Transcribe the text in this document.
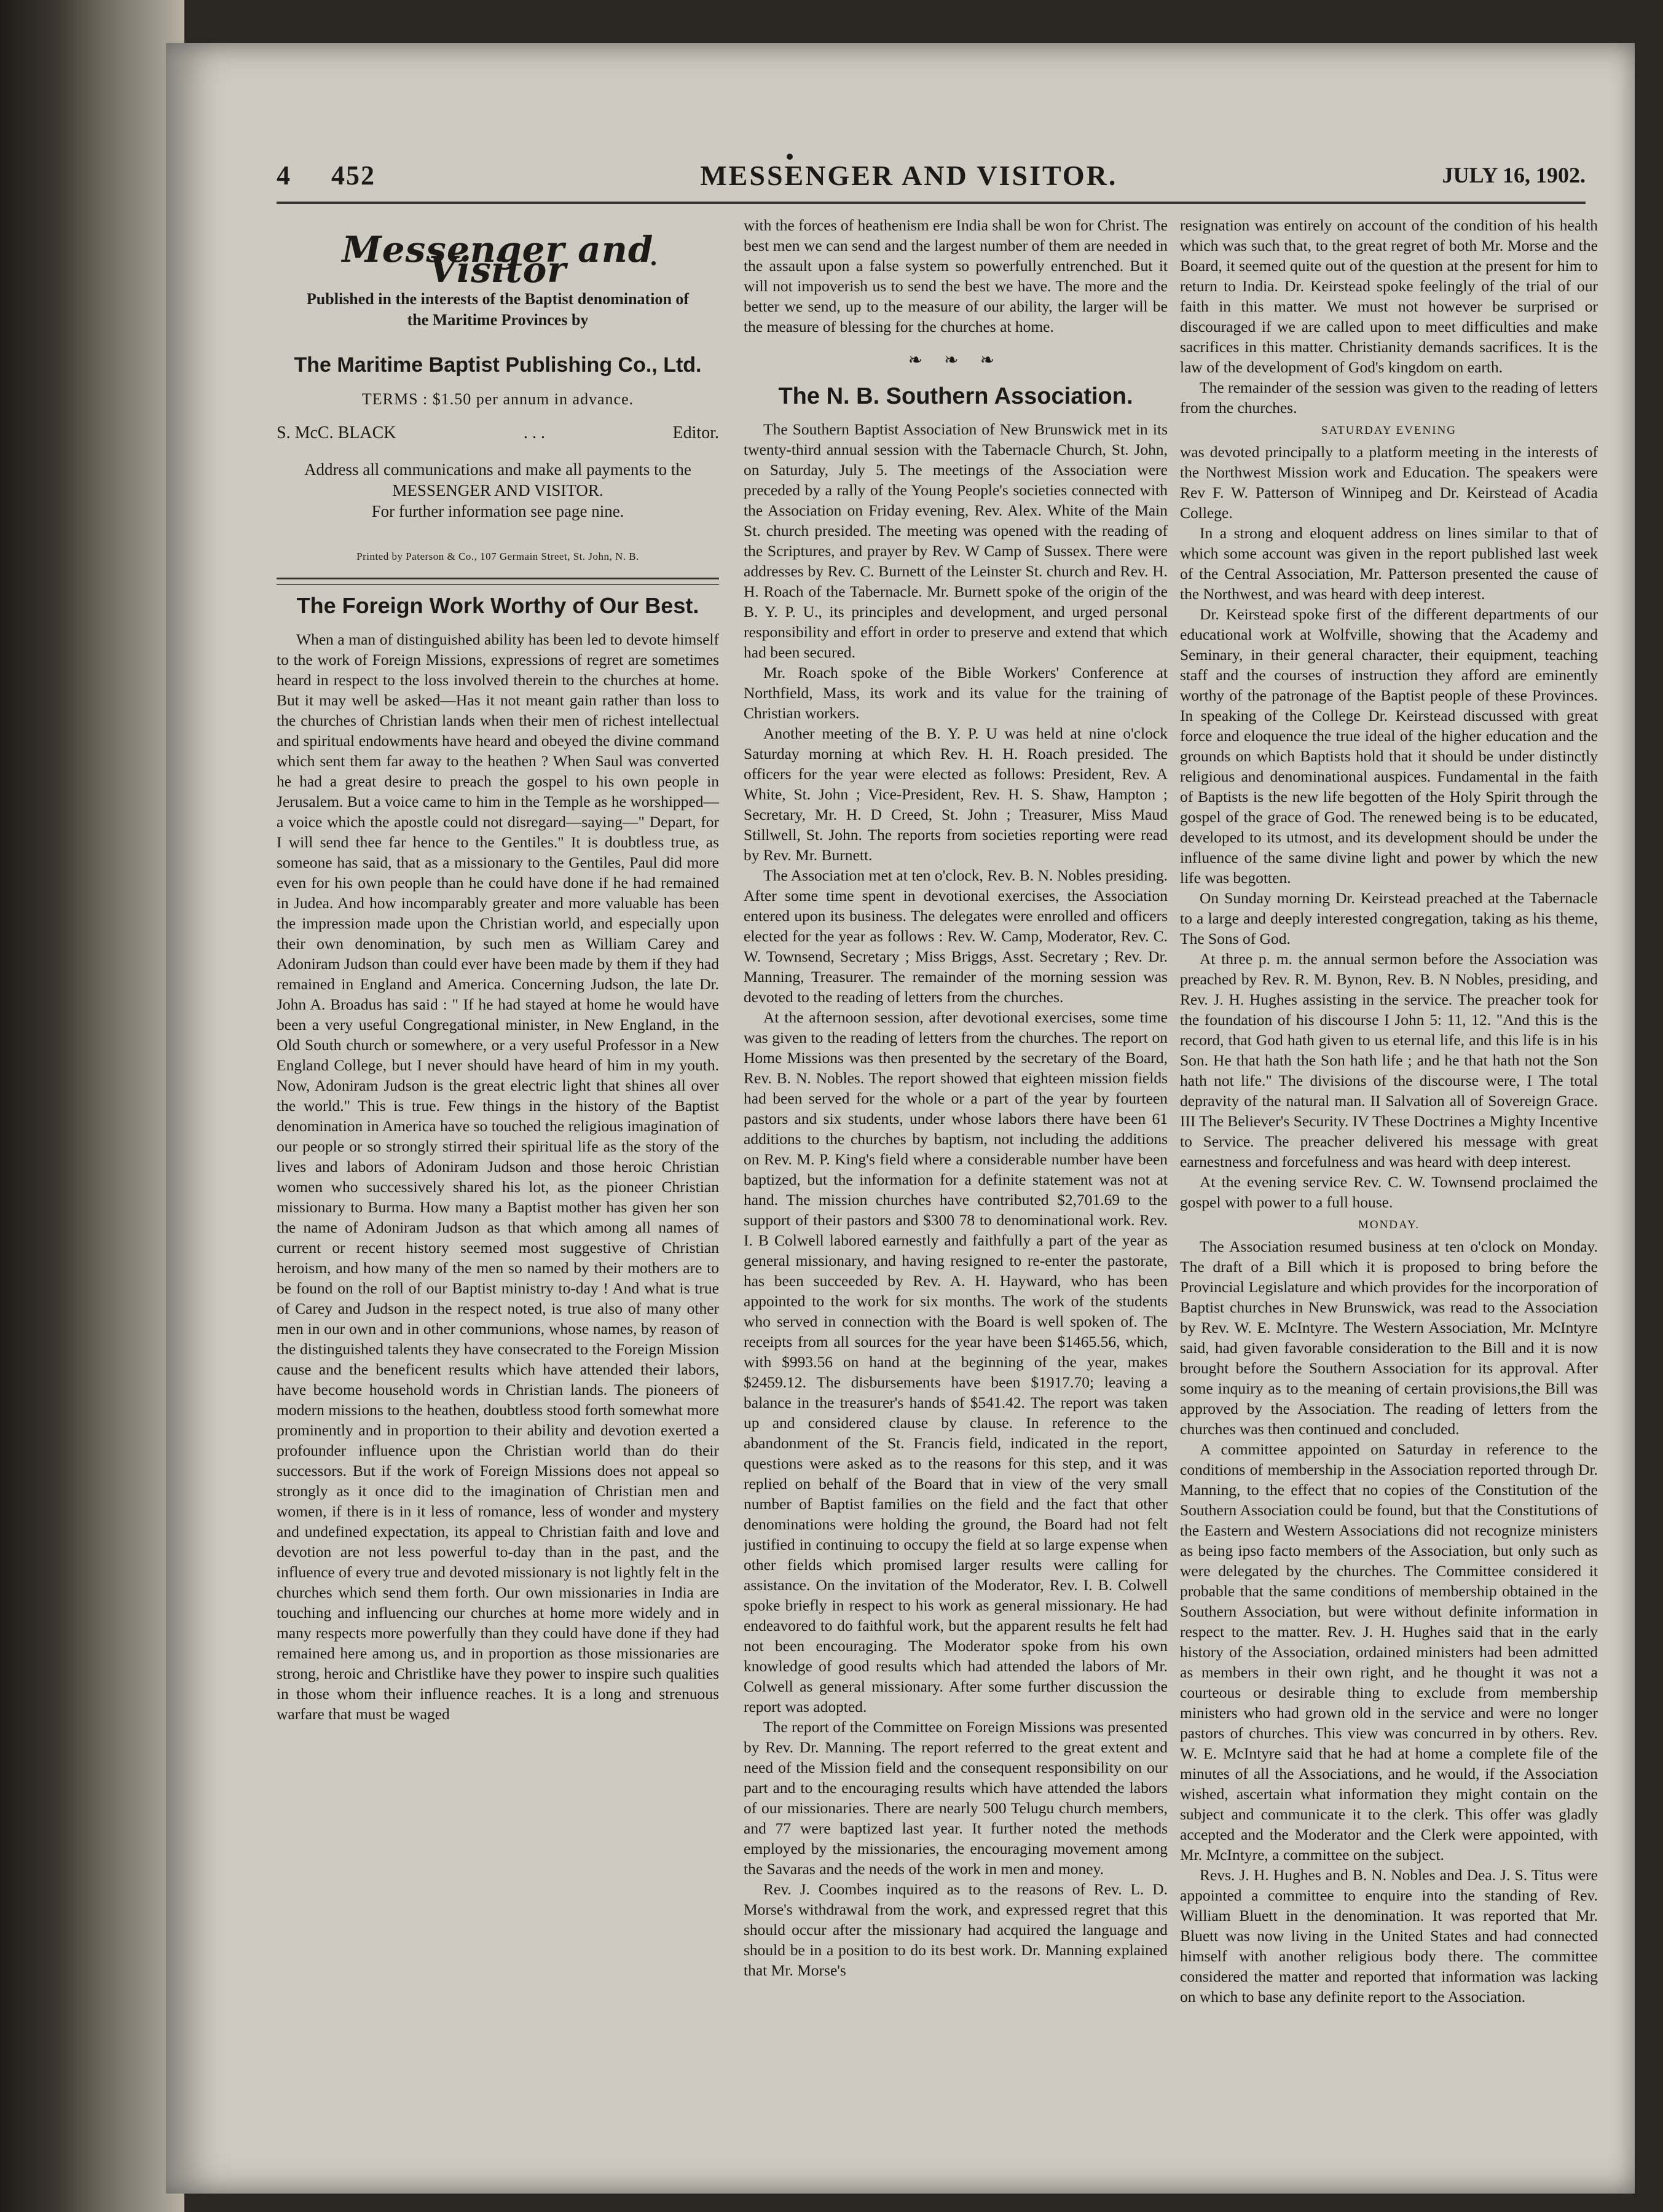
4 452	MESSENGER AND VISITOR.	JULY 16, 1902.
Messenger and Visitor
Published in the interests of the Baptist denomination of the Maritime Provinces by
The Maritime Baptist Publishing Co., Ltd.
TERMS : $1.50 per annum in advance.
S. McC. BLACK	. . .	Editor.
Address all communications and make all payments to the MESSENGER AND VISITOR.
For further information see page nine.
Printed by Paterson & Co., 107 Germain Street, St. John, N. B.
The Foreign Work Worthy of Our Best.

When a man of distinguished ability has been led to devote himself to the work of Foreign Missions, expressions of regret are sometimes heard in respect to the loss involved therein to the churches at home. But it may well be asked—Has it not meant gain rather than loss to the churches of Christian lands when their men of richest intellectual and spiritual endowments have heard and obeyed the divine command which sent them far away to the heathen ? When Saul was converted he had a great desire to preach the gospel to his own people in Jerusalem. But a voice came to him in the Temple as he worshipped—a voice which the apostle could not disregard—saying—" Depart, for I will send thee far hence to the Gentiles." It is doubtless true, as someone has said, that as a missionary to the Gentiles, Paul did more even for his own people than he could have done if he had remained in Judea. And how incomparably greater and more valuable has been the impression made upon the Christian world, and especially upon their own denomination, by such men as William Carey and Adoniram Judson than could ever have been made by them if they had remained in England and America. Concerning Judson, the late Dr. John A. Broadus has said : " If he had stayed at home he would have been a very useful Congregational minister, in New England, in the Old South church or somewhere, or a very useful Professor in a New England College, but I never should have heard of him in my youth. Now, Adoniram Judson is the great electric light that shines all over the world." This is true. Few things in the history of the Baptist denomination in America have so touched the religious imagination of our people or so strongly stirred their spiritual life as the story of the lives and labors of Adoniram Judson and those heroic Christian women who successively shared his lot, as the pioneer Christian missionary to Burma. How many a Baptist mother has given her son the name of Adoniram Judson as that which among all names of current or recent history seemed most suggestive of Christian heroism, and how many of the men so named by their mothers are to be found on the roll of our Baptist ministry to-day ! And what is true of Carey and Judson in the respect noted, is true also of many other men in our own and in other communions, whose names, by reason of the distinguished talents they have consecrated to the Foreign Mission cause and the beneficent results which have attended their labors, have become household words in Christian lands. The pioneers of modern missions to the heathen, doubtless stood forth somewhat more prominently and in proportion to their ability and devotion exerted a profounder influence upon the Christian world than do their successors. But if the work of Foreign Missions does not appeal so strongly as it once did to the imagination of Christian men and women, if there is in it less of romance, less of wonder and mystery and undefined expectation, its appeal to Christian faith and love and devotion are not less powerful to-day than in the past, and the influence of every true and devoted missionary is not lightly felt in the churches which send them forth. Our own missionaries in India are touching and influencing our churches at home more widely and in many respects more powerfully than they could have done if they had remained here among us, and in proportion as those missionaries are strong, heroic and Christlike have they power to inspire such qualities in those whom their influence reaches. It is a long and strenuous warfare that must be waged

with the forces of heathenism ere India shall be won for Christ. The best men we can send and the largest number of them are needed in the assault upon a false system so powerfully entrenched. But it will not impoverish us to send the best we have. The more and the better we send, up to the measure of our ability, the larger will be the measure of blessing for the churches at home.

❧ ❧ ❧
The N. B. Southern Association.

The Southern Baptist Association of New Brunswick met in its twenty-third annual session with the Tabernacle Church, St. John, on Saturday, July 5. The meetings of the Association were preceded by a rally of the Young People's societies connected with the Association on Friday evening, Rev. Alex. White of the Main St. church presided. The meeting was opened with the reading of the Scriptures, and prayer by Rev. W Camp of Sussex. There were addresses by Rev. C. Burnett of the Leinster St. church and Rev. H. H. Roach of the Tabernacle. Mr. Burnett spoke of the origin of the B. Y. P. U., its principles and development, and urged personal responsibility and effort in order to preserve and extend that which had been secured.

Mr. Roach spoke of the Bible Workers' Conference at Northfield, Mass, its work and its value for the training of Christian workers.

Another meeting of the B. Y. P. U was held at nine o'clock Saturday morning at which Rev. H. H. Roach presided. The officers for the year were elected as follows: President, Rev. A White, St. John ; Vice-President, Rev. H. S. Shaw, Hampton ; Secretary, Mr. H. D Creed, St. John ; Treasurer, Miss Maud Stillwell, St. John. The reports from societies reporting were read by Rev. Mr. Burnett.

The Association met at ten o'clock, Rev. B. N. Nobles presiding. After some time spent in devotional exercises, the Association entered upon its business. The delegates were enrolled and officers elected for the year as follows : Rev. W. Camp, Moderator, Rev. C. W. Townsend, Secretary ; Miss Briggs, Asst. Secretary ; Rev. Dr. Manning, Treasurer. The remainder of the morning session was devoted to the reading of letters from the churches.

At the afternoon session, after devotional exercises, some time was given to the reading of letters from the churches. The report on Home Missions was then presented by the secretary of the Board, Rev. B. N. Nobles. The report showed that eighteen mission fields had been served for the whole or a part of the year by fourteen pastors and six students, under whose labors there have been 61 additions to the churches by baptism, not including the additions on Rev. M. P. King's field where a considerable number have been baptized, but the information for a definite statement was not at hand. The mission churches have contributed $2,701.69 to the support of their pastors and $300 78 to denominational work. Rev. I. B Colwell labored earnestly and faithfully a part of the year as general missionary, and having resigned to re-enter the pastorate, has been succeeded by Rev. A. H. Hayward, who has been appointed to the work for six months. The work of the students who served in connection with the Board is well spoken of. The receipts from all sources for the year have been $1465.56, which, with $993.56 on hand at the beginning of the year, makes $2459.12. The disbursements have been $1917.70; leaving a balance in the treasurer's hands of $541.42. The report was taken up and considered clause by clause. In reference to the abandonment of the St. Francis field, indicated in the report, questions were asked as to the reasons for this step, and it was replied on behalf of the Board that in view of the very small number of Baptist families on the field and the fact that other denominations were holding the ground, the Board had not felt justified in continuing to occupy the field at so large expense when other fields which promised larger results were calling for assistance. On the invitation of the Moderator, Rev. I. B. Colwell spoke briefly in respect to his work as general missionary. He had endeavored to do faithful work, but the apparent results he felt had not been encouraging. The Moderator spoke from his own knowledge of good results which had attended the labors of Mr. Colwell as general missionary. After some further discussion the report was adopted.

The report of the Committee on Foreign Missions was presented by Rev. Dr. Manning. The report referred to the great extent and need of the Mission field and the consequent responsibility on our part and to the encouraging results which have attended the labors of our missionaries. There are nearly 500 Telugu church members, and 77 were baptized last year. It further noted the methods employed by the missionaries, the encouraging movement among the Savaras and the needs of the work in men and money.

Rev. J. Coombes inquired as to the reasons of Rev. L. D. Morse's withdrawal from the work, and expressed regret that this should occur after the missionary had acquired the language and should be in a position to do its best work. Dr. Manning explained that Mr. Morse's

resignation was entirely on account of the condition of his health which was such that, to the great regret of both Mr. Morse and the Board, it seemed quite out of the question at the present for him to return to India. Dr. Keirstead spoke feelingly of the trial of our faith in this matter. We must not however be surprised or discouraged if we are called upon to meet difficulties and make sacrifices in this matter. Christianity demands sacrifices. It is the law of the development of God's kingdom on earth.

The remainder of the session was given to the reading of letters from the churches.

SATURDAY EVENING

was devoted principally to a platform meeting in the interests of the Northwest Mission work and Education. The speakers were Rev F. W. Patterson of Winnipeg and Dr. Keirstead of Acadia College.

In a strong and eloquent address on lines similar to that of which some account was given in the report published last week of the Central Association, Mr. Patterson presented the cause of the Northwest, and was heard with deep interest.

Dr. Keirstead spoke first of the different departments of our educational work at Wolfville, showing that the Academy and Seminary, in their general character, their equipment, teaching staff and the courses of instruction they afford are eminently worthy of the patronage of the Baptist people of these Provinces. In speaking of the College Dr. Keirstead discussed with great force and eloquence the true ideal of the higher education and the grounds on which Baptists hold that it should be under distinctly religious and denominational auspices. Fundamental in the faith of Baptists is the new life begotten of the Holy Spirit through the gospel of the grace of God. The renewed being is to be educated, developed to its utmost, and its development should be under the influence of the same divine light and power by which the new life was begotten.

On Sunday morning Dr. Keirstead preached at the Tabernacle to a large and deeply interested congregation, taking as his theme, The Sons of God.

At three p. m. the annual sermon before the Association was preached by Rev. R. M. Bynon, Rev. B. N Nobles, presiding, and Rev. J. H. Hughes assisting in the service. The preacher took for the foundation of his discourse I John 5: 11, 12. "And this is the record, that God hath given to us eternal life, and this life is in his Son. He that hath the Son hath life ; and he that hath not the Son hath not life." The divisions of the discourse were, I The total depravity of the natural man. II Salvation all of Sovereign Grace. III The Believer's Security. IV These Doctrines a Mighty Incentive to Service. The preacher delivered his message with great earnestness and forcefulness and was heard with deep interest.

At the evening service Rev. C. W. Townsend proclaimed the gospel with power to a full house.

MONDAY.

The Association resumed business at ten o'clock on Monday. The draft of a Bill which it is proposed to bring before the Provincial Legislature and which provides for the incorporation of Baptist churches in New Brunswick, was read to the Association by Rev. W. E. McIntyre. The Western Association, Mr. McIntyre said, had given favorable consideration to the Bill and it is now brought before the Southern Association for its approval. After some inquiry as to the meaning of certain provisions,the Bill was approved by the Association. The reading of letters from the churches was then continued and concluded.

A committee appointed on Saturday in reference to the conditions of membership in the Association reported through Dr. Manning, to the effect that no copies of the Constitution of the Southern Association could be found, but that the Constitutions of the Eastern and Western Associations did not recognize ministers as being ipso facto members of the Association, but only such as were delegated by the churches. The Committee considered it probable that the same conditions of membership obtained in the Southern Association, but were without definite information in respect to the matter. Rev. J. H. Hughes said that in the early history of the Association, ordained ministers had been admitted as members in their own right, and he thought it was not a courteous or desirable thing to exclude from membership ministers who had grown old in the service and were no longer pastors of churches. This view was concurred in by others. Rev. W. E. McIntyre said that he had at home a complete file of the minutes of all the Associations, and he would, if the Association wished, ascertain what information they might contain on the subject and communicate it to the clerk. This offer was gladly accepted and the Moderator and the Clerk were appointed, with Mr. McIntyre, a committee on the subject.

Revs. J. H. Hughes and B. N. Nobles and Dea. J. S. Titus were appointed a committee to enquire into the standing of Rev. William Bluett in the denomination. It was reported that Mr. Bluett was now living in the United States and had connected himself with another religious body there. The committee considered the matter and reported that information was lacking on which to base any definite report to the Association.
